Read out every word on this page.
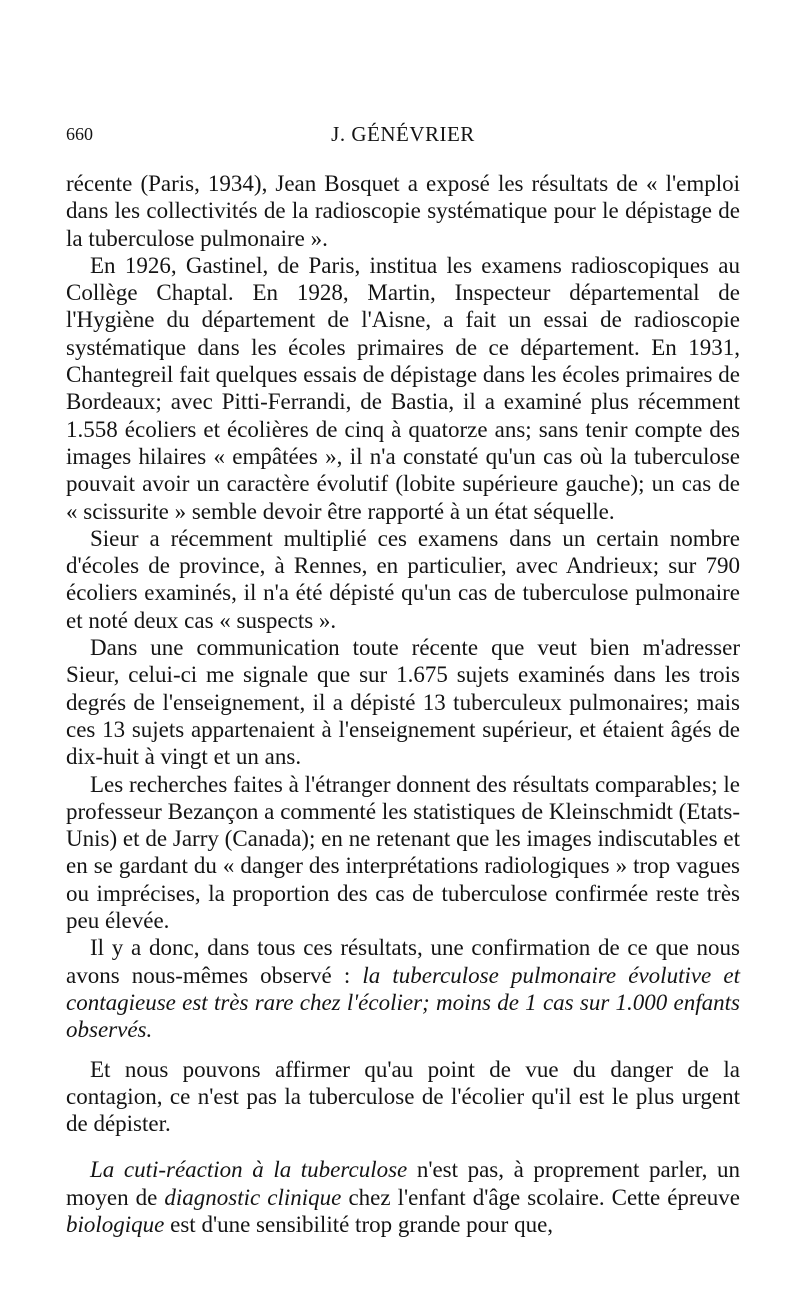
660	J. GÉNÉVRIER

récente (Paris, 1934), Jean Bosquet a exposé les résultats de « l'emploi dans les collectivités de la radioscopie systématique pour le dépistage de la tuberculose pulmonaire ».

En 1926, Gastinel, de Paris, institua les examens radioscopiques au Collège Chaptal. En 1928, Martin, Inspecteur départemental de l'Hygiène du département de l'Aisne, a fait un essai de radioscopie systématique dans les écoles primaires de ce département. En 1931, Chantegreil fait quelques essais de dépistage dans les écoles primaires de Bordeaux; avec Pitti-Ferrandi, de Bastia, il a examiné plus récemment 1.558 écoliers et écolières de cinq à quatorze ans; sans tenir compte des images hilaires « empâtées », il n'a constaté qu'un cas où la tuberculose pouvait avoir un caractère évolutif (lobite supérieure gauche); un cas de « scissurite » semble devoir être rapporté à un état séquelle.

Sieur a récemment multiplié ces examens dans un certain nombre d'écoles de province, à Rennes, en particulier, avec Andrieux; sur 790 écoliers examinés, il n'a été dépisté qu'un cas de tuberculose pulmonaire et noté deux cas « suspects ».

Dans une communication toute récente que veut bien m'adresser Sieur, celui-ci me signale que sur 1.675 sujets examinés dans les trois degrés de l'enseignement, il a dépisté 13 tuberculeux pulmonaires; mais ces 13 sujets appartenaient à l'enseignement supérieur, et étaient âgés de dix-huit à vingt et un ans.

Les recherches faites à l'étranger donnent des résultats comparables; le professeur Bezançon a commenté les statistiques de Kleinschmidt (Etats-Unis) et de Jarry (Canada); en ne retenant que les images indiscutables et en se gardant du « danger des interprétations radiologiques » trop vagues ou imprécises, la proportion des cas de tuberculose confirmée reste très peu élevée.

Il y a donc, dans tous ces résultats, une confirmation de ce que nous avons nous-mêmes observé : la tuberculose pulmonaire évolutive et contagieuse est très rare chez l'écolier; moins de 1 cas sur 1.000 enfants observés.

Et nous pouvons affirmer qu'au point de vue du danger de la contagion, ce n'est pas la tuberculose de l'écolier qu'il est le plus urgent de dépister.

La cuti-réaction à la tuberculose n'est pas, à proprement parler, un moyen de diagnostic clinique chez l'enfant d'âge scolaire. Cette épreuve biologique est d'une sensibilité trop grande pour que,
